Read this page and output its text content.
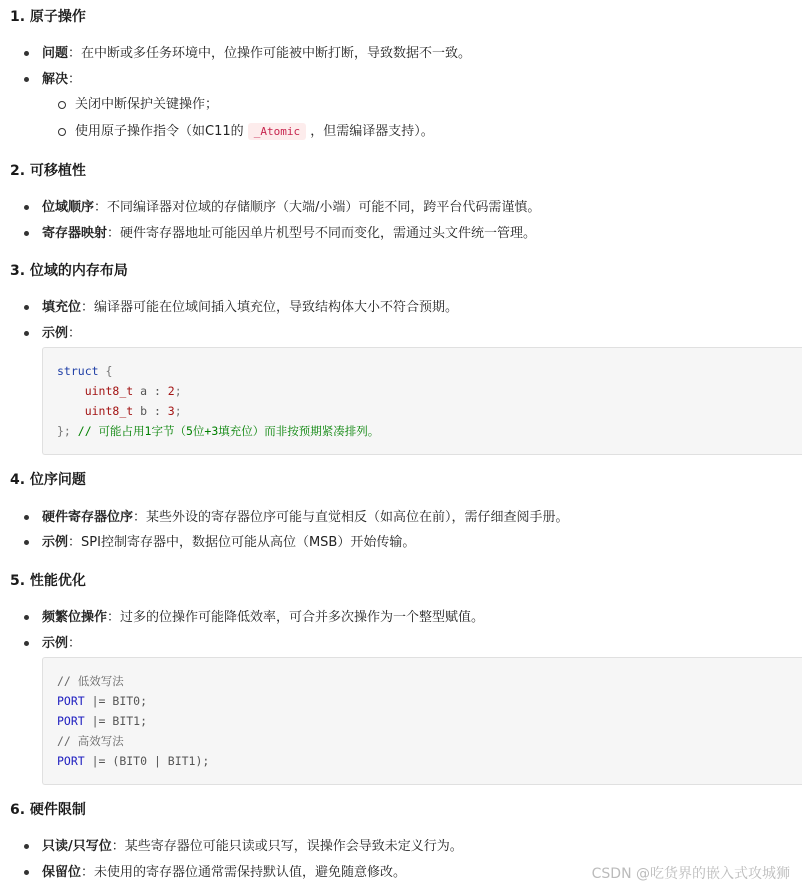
1. 原子操作
问题：在中断或多任务环境中，位操作可能被中断打断，导致数据不一致。
解决：
关闭中断保护关键操作；
使用原子操作指令（如C11的 _Atomic ，但需编译器支持）。
2. 可移植性
位域顺序：不同编译器对位域的存储顺序（大端/小端）可能不同，跨平台代码需谨慎。
寄存器映射：硬件寄存器地址可能因单片机型号不同而变化，需通过头文件统一管理。
3. 位域的内存布局
填充位：编译器可能在位域间插入填充位，导致结构体大小不符合预期。
示例：
struct {
uint8_t a : 2;
uint8_t b : 3;
}; // 可能占用1字节（5位+3填充位）而非按预期紧凑排列。
4. 位序问题
硬件寄存器位序：某些外设的寄存器位序可能与直觉相反（如高位在前），需仔细查阅手册。
示例：SPI控制寄存器中，数据位可能从高位（MSB）开始传输。
5. 性能优化
频繁位操作：过多的位操作可能降低效率，可合并多次操作为一个整型赋值。
示例：
// 低效写法
PORT |= BIT0;
PORT |= BIT1;
// 高效写法
PORT |= (BIT0 | BIT1);
6. 硬件限制
只读/只写位：某些寄存器位可能只读或只写，误操作会导致未定义行为。
保留位：未使用的寄存器位通常需保持默认值，避免随意修改。	CSDN @吃货界的嵌入式攻城狮
